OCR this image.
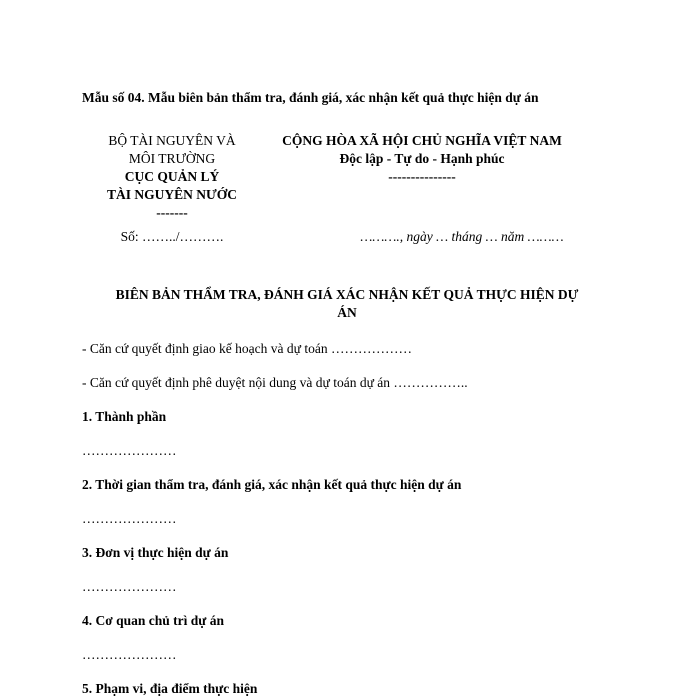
Mẫu số 04. Mẫu biên bản thẩm tra, đánh giá, xác nhận kết quả thực hiện dự án
BỘ TÀI NGUYÊN VÀ
MÔI TRƯỜNG
CỤC QUẢN LÝ
TÀI NGUYÊN NƯỚC
-------
CỘNG HÒA XÃ HỘI CHỦ NGHĨA VIỆT NAM
Độc lập - Tự do - Hạnh phúc
---------------
Số: ……../……….	………., ngày … tháng … năm ………
BIÊN BẢN THẨM TRA, ĐÁNH GIÁ XÁC NHẬN KẾT QUẢ THỰC HIỆN DỰ
ÁN
- Căn cứ quyết định giao kế hoạch và dự toán ………………
- Căn cứ quyết định phê duyệt nội dung và dự toán dự án ……………..
1. Thành phần
…………………
2. Thời gian thẩm tra, đánh giá, xác nhận kết quả thực hiện dự án
…………………
3. Đơn vị thực hiện dự án
…………………
4. Cơ quan chủ trì dự án
…………………
5. Phạm vi, địa điểm thực hiện
